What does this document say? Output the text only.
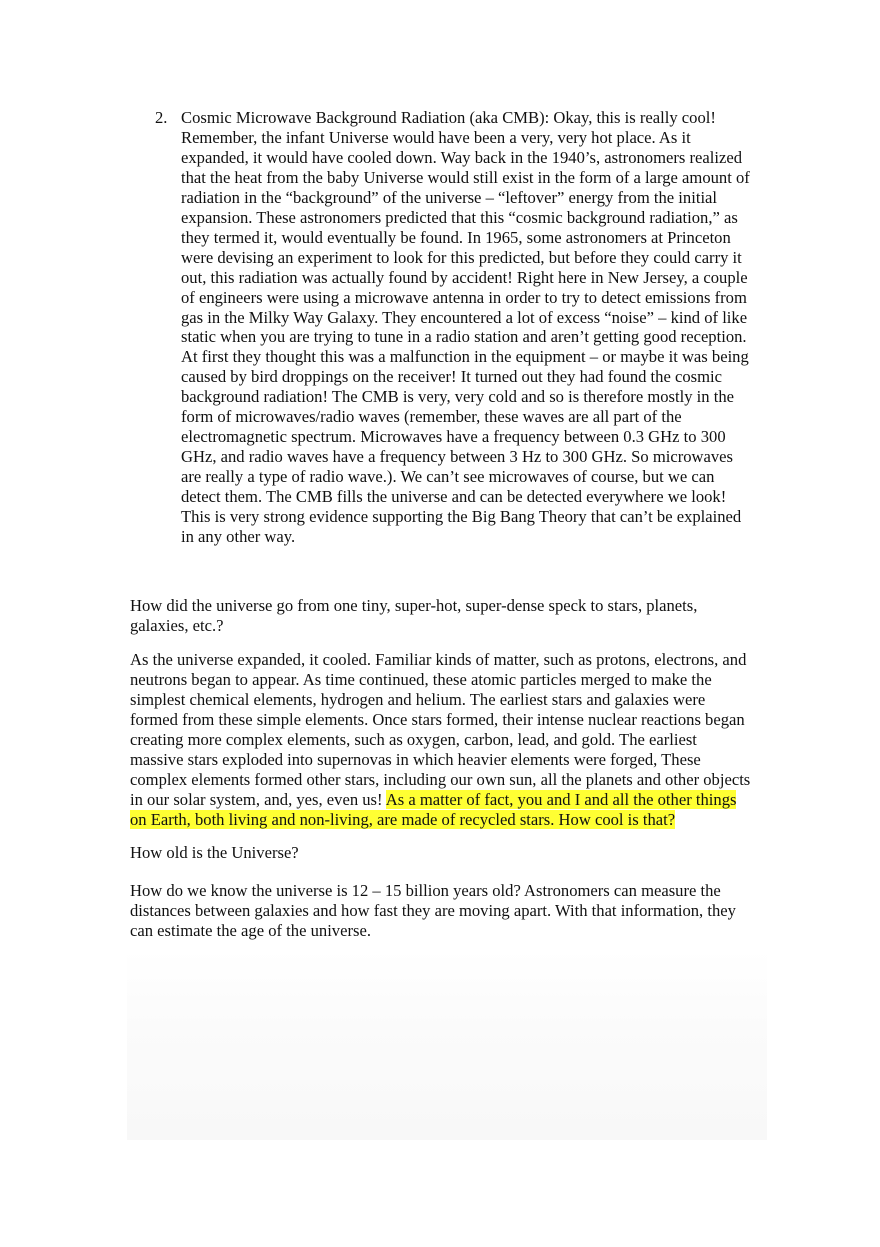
2. Cosmic Microwave Background Radiation (aka CMB): Okay, this is really cool!
Remember, the infant Universe would have been a very, very hot place. As it
expanded, it would have cooled down. Way back in the 1940’s, astronomers realized
that the heat from the baby Universe would still exist in the form of a large amount of
radiation in the “background” of the universe – “leftover” energy from the initial
expansion. These astronomers predicted that this “cosmic background radiation,” as
they termed it, would eventually be found. In 1965, some astronomers at Princeton
were devising an experiment to look for this predicted, but before they could carry it
out, this radiation was actually found by accident! Right here in New Jersey, a couple
of engineers were using a microwave antenna in order to try to detect emissions from
gas in the Milky Way Galaxy. They encountered a lot of excess “noise” – kind of like
static when you are trying to tune in a radio station and aren’t getting good reception.
At first they thought this was a malfunction in the equipment – or maybe it was being
caused by bird droppings on the receiver! It turned out they had found the cosmic
background radiation! The CMB is very, very cold and so is therefore mostly in the
form of microwaves/radio waves (remember, these waves are all part of the
electromagnetic spectrum. Microwaves have a frequency between 0.3 GHz to 300
GHz, and radio waves have a frequency between 3 Hz to 300 GHz. So microwaves
are really a type of radio wave.). We can’t see microwaves of course, but we can
detect them. The CMB fills the universe and can be detected everywhere we look!
This is very strong evidence supporting the Big Bang Theory that can’t be explained
in any other way.
How did the universe go from one tiny, super-hot, super-dense speck to stars, planets,
galaxies, etc.?
As the universe expanded, it cooled. Familiar kinds of matter, such as protons, electrons, and
neutrons began to appear. As time continued, these atomic particles merged to make the
simplest chemical elements, hydrogen and helium. The earliest stars and galaxies were
formed from these simple elements. Once stars formed, their intense nuclear reactions began
creating more complex elements, such as oxygen, carbon, lead, and gold. The earliest
massive stars exploded into supernovas in which heavier elements were forged, These
complex elements formed other stars, including our own sun, all the planets and other objects
in our solar system, and, yes, even us! As a matter of fact, you and I and all the other things
on Earth, both living and non-living, are made of recycled stars. How cool is that?
How old is the Universe?
How do we know the universe is 12 – 15 billion years old? Astronomers can measure the
distances between galaxies and how fast they are moving apart. With that information, they
can estimate the age of the universe.
